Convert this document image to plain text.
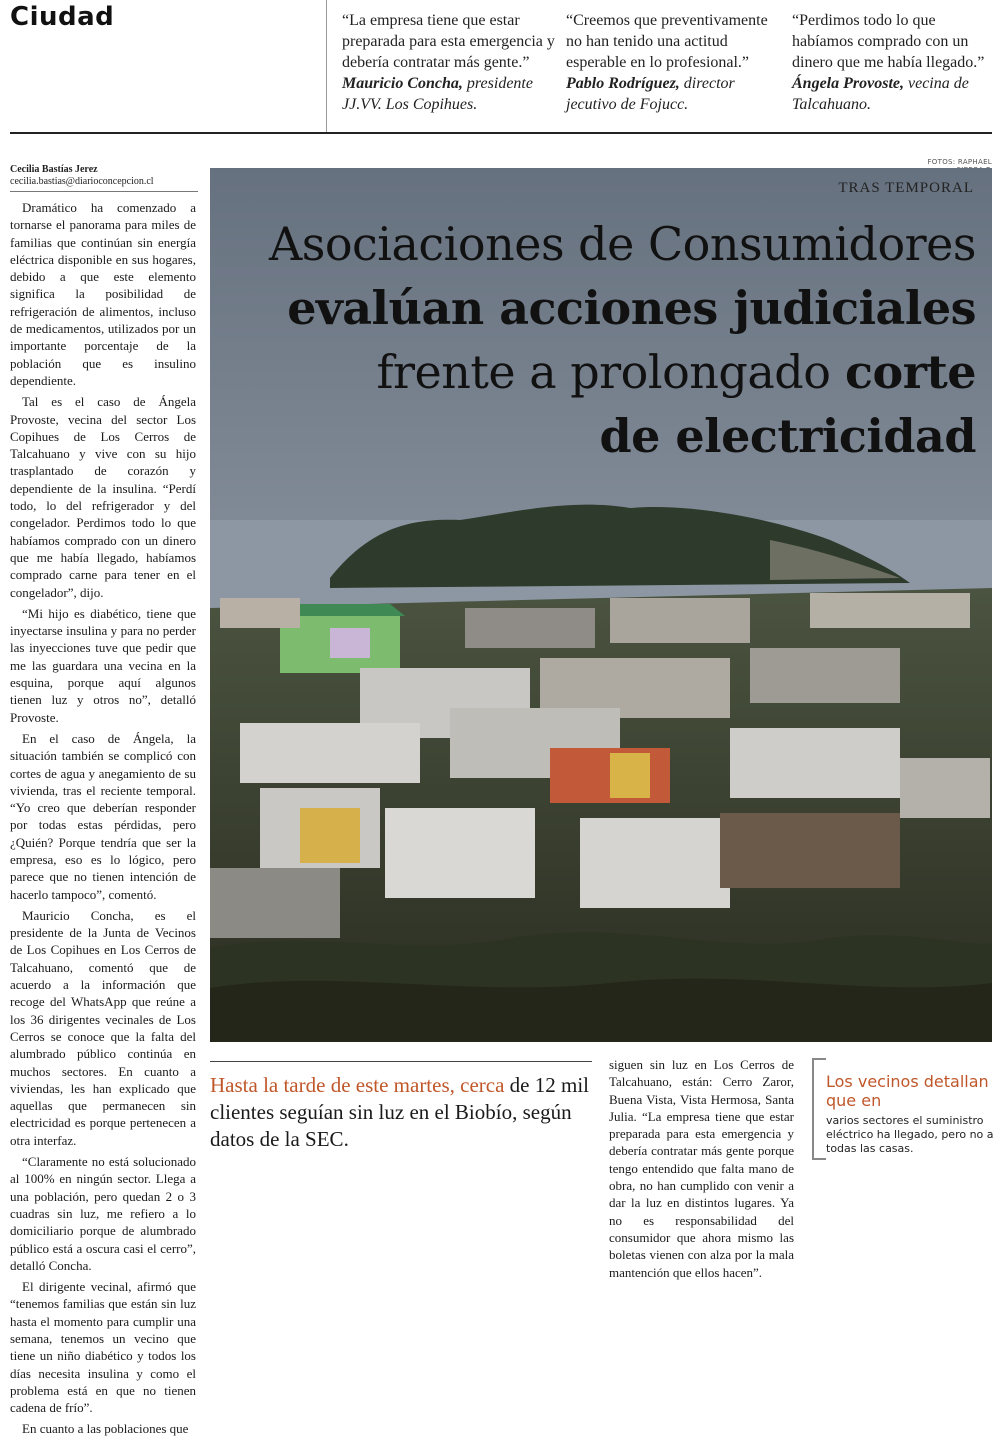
Ciudad	“La empresa tiene que estar preparada para esta emergencia y debería contratar más gente.”
Mauricio Concha, presidente JJ.VV. Los Copihues.
“Creemos que preventivamente no han tenido una actitud esperable en lo profesional.”
Pablo Rodríguez, director jecutivo de Fojucc.
“Perdimos todo lo que habíamos comprado con un dinero que me había llegado.”
Ángela Provoste, vecina de Talcahuano.
Cecilia Bastías Jerez
cecilia.bastias@diarioconcepcion.cl

Dramático ha comenzado a tornarse el panorama para miles de familias que continúan sin energía eléctrica disponible en sus hogares, debido a que este elemento significa la posibilidad de refrigeración de alimentos, incluso de medicamentos, utilizados por un importante porcentaje de la población que es insulino dependiente.

Tal es el caso de Ángela Provoste, vecina del sector Los Copihues de Los Cerros de Talcahuano y vive con su hijo trasplantado de corazón y dependiente de la insulina. “Perdí todo, lo del refrigerador y del congelador. Perdimos todo lo que habíamos comprado con un dinero que me había llegado, habíamos comprado carne para tener en el congelador”, dijo.

“Mi hijo es diabético, tiene que inyectarse insulina y para no perder las inyecciones tuve que pedir que me las guardara una vecina en la esquina, porque aquí algunos tienen luz y otros no”, detalló Provoste.

En el caso de Ángela, la situación también se complicó con cortes de agua y anegamiento de su vivienda, tras el reciente temporal. “Yo creo que deberían responder por todas estas pérdidas, pero ¿Quién? Porque tendría que ser la empresa, eso es lo lógico, pero parece que no tienen intención de hacerlo tampoco”, comentó.

Mauricio Concha, es el presidente de la Junta de Vecinos de Los Copihues en Los Cerros de Talcahuano, comentó que de acuerdo a la información que recoge del WhatsApp que reúne a los 36 dirigentes vecinales de Los Cerros se conoce que la falta del alumbrado público continúa en muchos sectores. En cuanto a viviendas, les han explicado que aquellas que permanecen sin electricidad es porque pertenecen a otra interfaz.

“Claramente no está solucionado al 100% en ningún sector. Llega a una población, pero quedan 2 o 3 cuadras sin luz, me refiero a lo domiciliario porque de alumbrado público está a oscura casi el cerro”, detalló Concha.

El dirigente vecinal, afirmó que “tenemos familias que están sin luz hasta el momento para cumplir una semana, tenemos un vecino que tiene un niño diabético y todos los días necesita insulina y como el problema está en que no tienen cadena de frío”.

En cuanto a las poblaciones que

FOTOS: RAPHAEL
TRAS TEMPORAL
Asociaciones de Consumidores
evalúan acciones judiciales
frente a prolongado corte
de electricidad
Hasta la tarde de este martes, cerca de 12 mil clientes seguían sin luz en el Biobío, según datos de la SEC.

siguen sin luz en Los Cerros de Talcahuano, están: Cerro Zaror, Buena Vista, Vista Hermosa, Santa Julia. “La empresa tiene que estar preparada para esta emergencia y debería contratar más gente porque tengo entendido que falta mano de obra, no han cumplido con venir a dar la luz en distintos lugares. Ya no es responsabilidad del consumidor que ahora mismo las boletas vienen con alza por la mala mantención que ellos hacen”.

Los vecinos detallan que en
varios sectores el suministro eléctrico ha llegado, pero no a todas las casas.
